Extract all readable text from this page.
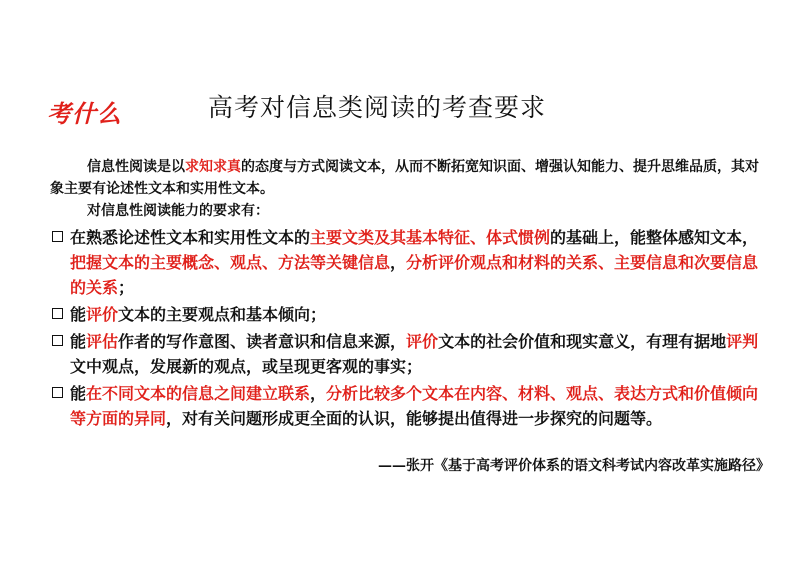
考什么	高考对信息类阅读的考查要求

信息性阅读是以求知求真的态度与方式阅读文本，从而不断拓宽知识面、增强认知能力、提升思维品质，其对象主要有论述性文本和实用性文本。

对信息性阅读能力的要求有：

在熟悉论述性文本和实用性文本的主要文类及其基本特征、体式惯例的基础上，能整体感知文本，把握文本的主要概念、观点、方法等关键信息，分析评价观点和材料的关系、主要信息和次要信息的关系；
能评价文本的主要观点和基本倾向；
能评估作者的写作意图、读者意识和信息来源，评价文本的社会价值和现实意义，有理有据地评判文中观点，发展新的观点，或呈现更客观的事实；
能在不同文本的信息之间建立联系，分析比较多个文本在内容、材料、观点、表达方式和价值倾向等方面的异同，对有关问题形成更全面的认识，能够提出值得进一步探究的问题等。
——张开《基于高考评价体系的语文科考试内容改革实施路径》
